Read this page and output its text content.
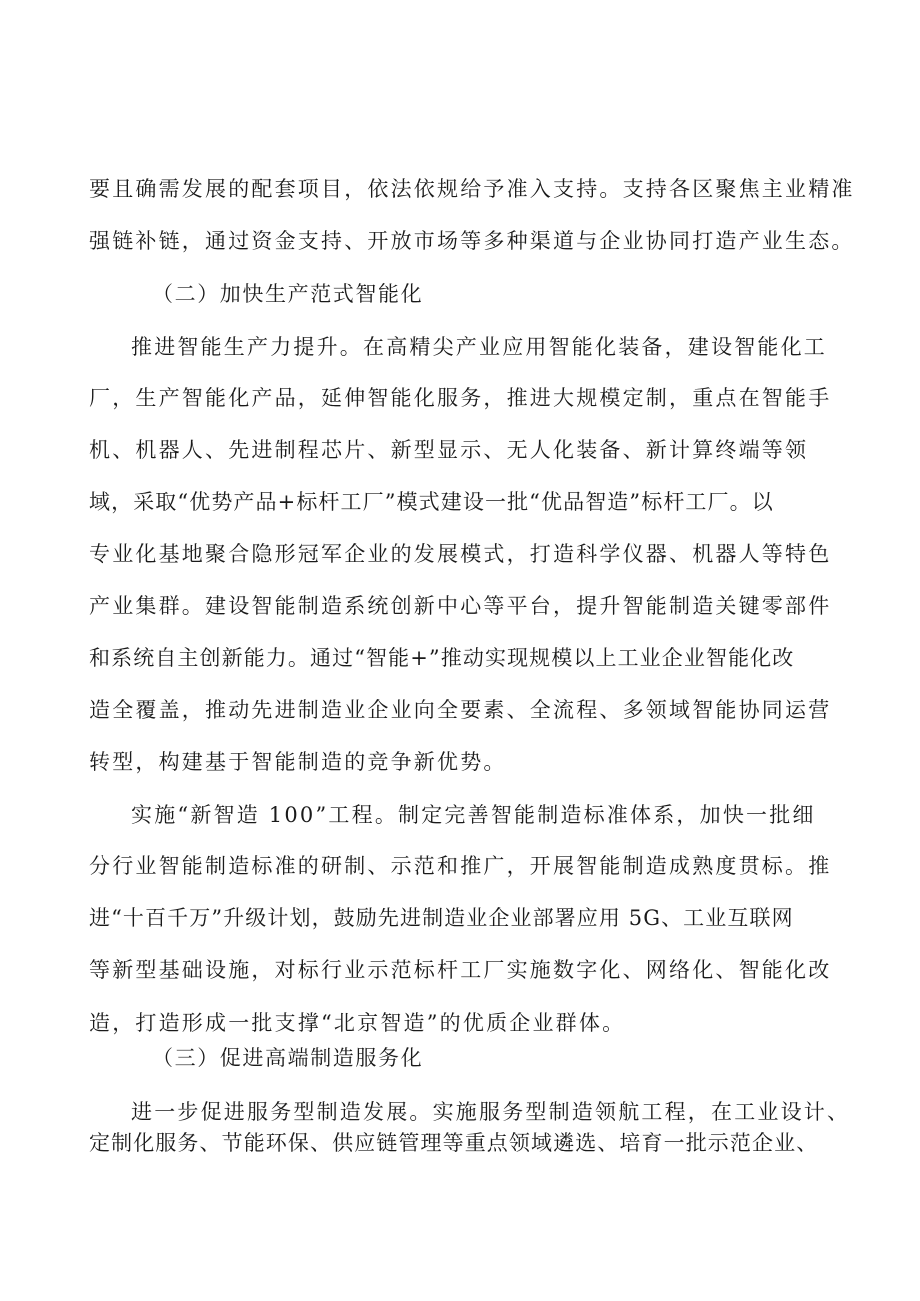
要且确需发展的配套项目，依法依规给予准入支持。支持各区聚焦主业精准
强链补链，通过资金支持、开放市场等多种渠道与企业协同打造产业生态。
（二）加快生产范式智能化
推进智能生产力提升。在高精尖产业应用智能化装备，建设智能化工
厂，生产智能化产品，延伸智能化服务，推进大规模定制，重点在智能手
机、机器人、先进制程芯片、新型显示、无人化装备、新计算终端等领
域，采取“优势产品+标杆工厂”模式建设一批“优品智造”标杆工厂。以
专业化基地聚合隐形冠军企业的发展模式，打造科学仪器、机器人等特色
产业集群。建设智能制造系统创新中心等平台，提升智能制造关键零部件
和系统自主创新能力。通过“智能+”推动实现规模以上工业企业智能化改
造全覆盖，推动先进制造业企业向全要素、全流程、多领域智能协同运营
转型，构建基于智能制造的竞争新优势。
实施“新智造 100”工程。制定完善智能制造标准体系，加快一批细
分行业智能制造标准的研制、示范和推广，开展智能制造成熟度贯标。推
进“十百千万”升级计划，鼓励先进制造业企业部署应用 5G、工业互联网
等新型基础设施，对标行业示范标杆工厂实施数字化、网络化、智能化改
造，打造形成一批支撑“北京智造”的优质企业群体。
（三）促进高端制造服务化
进一步促进服务型制造发展。实施服务型制造领航工程，在工业设计、
定制化服务、节能环保、供应链管理等重点领域遴选、培育一批示范企业、
